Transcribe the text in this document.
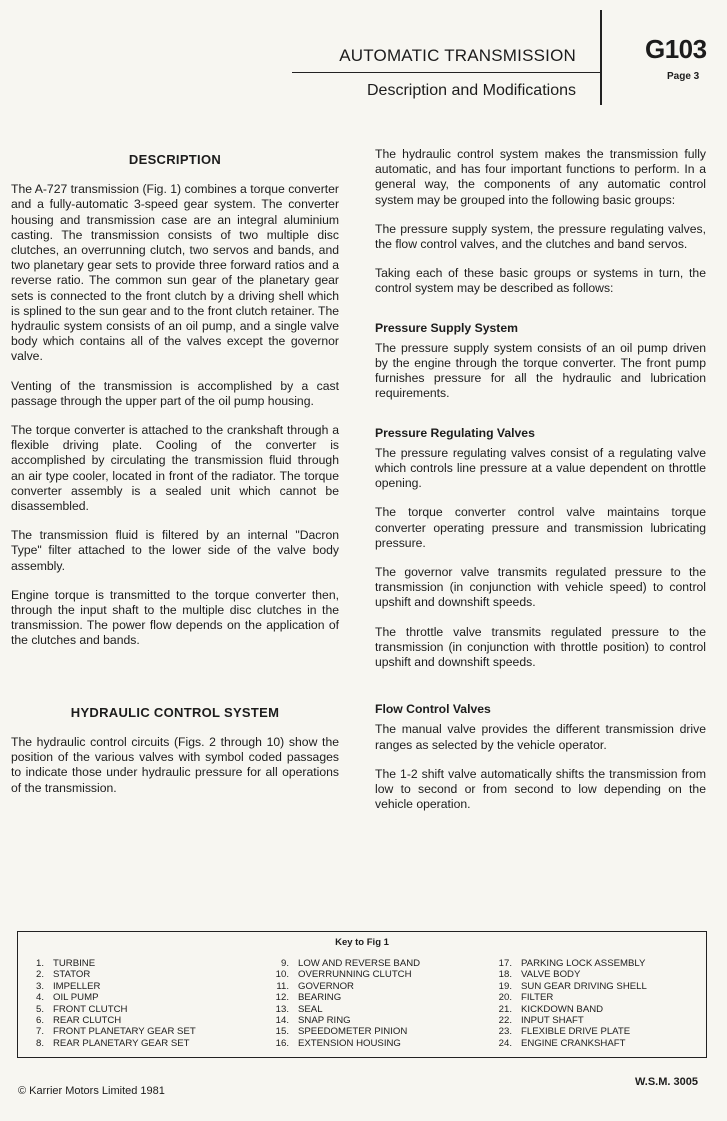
AUTOMATIC TRANSMISSION
Description and Modifications
G103
Page 3
DESCRIPTION

The A-727 transmission (Fig. 1) combines a torque converter and a fully-automatic 3-speed gear system. The converter housing and transmission case are an integral aluminium casting. The transmission consists of two multiple disc clutches, an overrunning clutch, two servos and bands, and two planetary gear sets to provide three forward ratios and a reverse ratio. The common sun gear of the planetary gear sets is connected to the front clutch by a driving shell which is splined to the sun gear and to the front clutch retainer. The hydraulic system consists of an oil pump, and a single valve body which contains all of the valves except the governor valve.

Venting of the transmission is accomplished by a cast passage through the upper part of the oil pump housing.

The torque converter is attached to the crankshaft through a flexible driving plate. Cooling of the converter is accomplished by circulating the transmission fluid through an air type cooler, located in front of the radiator. The torque converter assembly is a sealed unit which cannot be disassembled.

The transmission fluid is filtered by an internal "Dacron Type" filter attached to the lower side of the valve body assembly.

Engine torque is transmitted to the torque converter then, through the input shaft to the multiple disc clutches in the transmission. The power flow depends on the application of the clutches and bands.

HYDRAULIC CONTROL SYSTEM

The hydraulic control circuits (Figs. 2 through 10) show the position of the various valves with symbol coded passages to indicate those under hydraulic pressure for all operations of the transmission.

The hydraulic control system makes the transmission fully automatic, and has four important functions to perform. In a general way, the components of any automatic control system may be grouped into the following basic groups:

The pressure supply system, the pressure regulating valves, the flow control valves, and the clutches and band servos.

Taking each of these basic groups or systems in turn, the control system may be described as follows:

Pressure Supply System

The pressure supply system consists of an oil pump driven by the engine through the torque converter. The front pump furnishes pressure for all the hydraulic and lubrication requirements.

Pressure Regulating Valves

The pressure regulating valves consist of a regulating valve which controls line pressure at a value dependent on throttle opening.

The torque converter control valve maintains torque converter operating pressure and transmission lubricating pressure.

The governor valve transmits regulated pressure to the transmission (in conjunction with vehicle speed) to control upshift and downshift speeds.

The throttle valve transmits regulated pressure to the transmission (in conjunction with throttle position) to control upshift and downshift speeds.

Flow Control Valves

The manual valve provides the different transmission drive ranges as selected by the vehicle operator.

The 1-2 shift valve automatically shifts the transmission from low to second or from second to low depending on the vehicle operation.

Key to Fig 1
1. TURBINE
2. STATOR
3. IMPELLER
4. OIL PUMP
5. FRONT CLUTCH
6. REAR CLUTCH
7. FRONT PLANETARY GEAR SET
8. REAR PLANETARY GEAR SET
9. LOW AND REVERSE BAND
10. OVERRUNNING CLUTCH
11. GOVERNOR
12. BEARING
13. SEAL
14. SNAP RING
15. SPEEDOMETER PINION
16. EXTENSION HOUSING
17. PARKING LOCK ASSEMBLY
18. VALVE BODY
19. SUN GEAR DRIVING SHELL
20. FILTER
21. KICKDOWN BAND
22. INPUT SHAFT
23. FLEXIBLE DRIVE PLATE
24. ENGINE CRANKSHAFT
© Karrier Motors Limited 1981
W.S.M. 3005
